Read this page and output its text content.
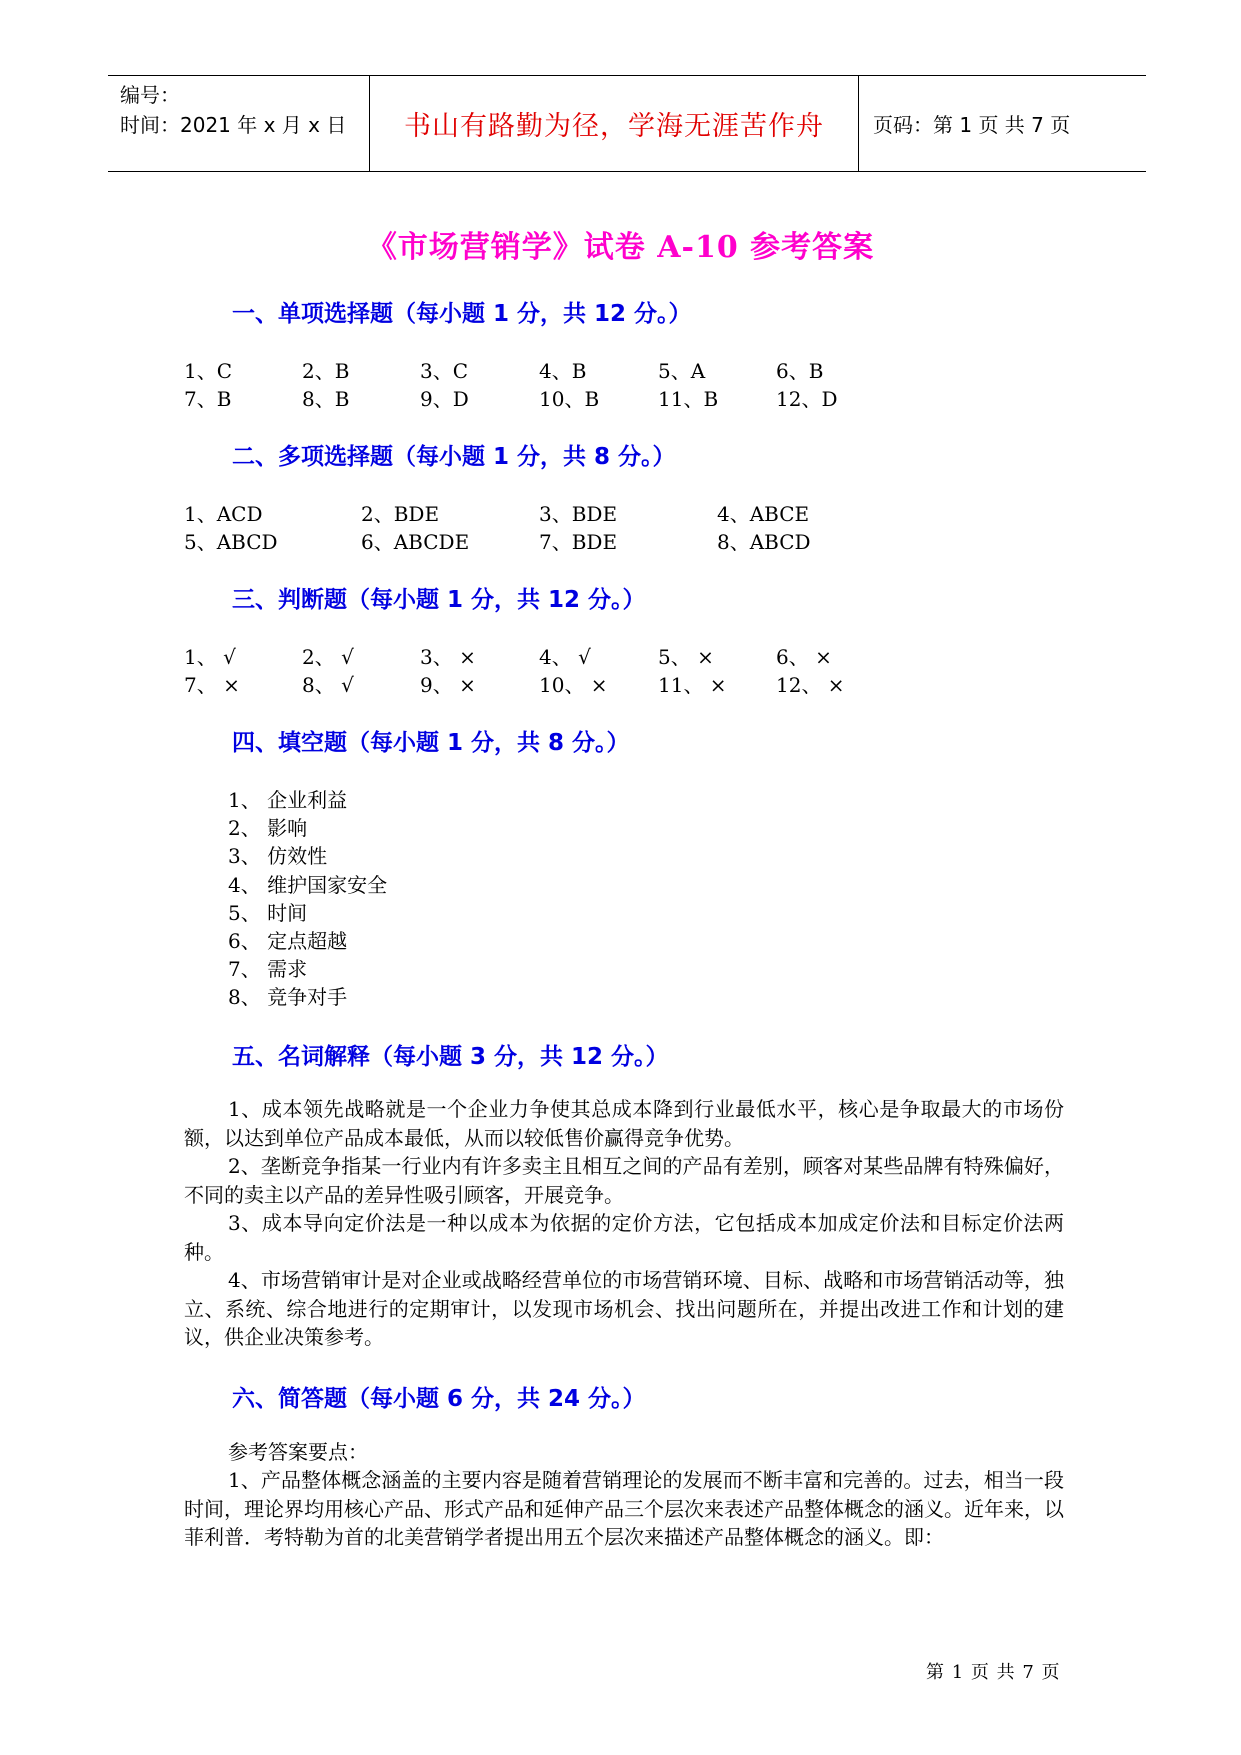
编号：
时间：2021 年 x 月 x 日	书山有路勤为径，学海无涯苦作舟 页码：第 1 页 共 7 页
《市场营销学》试卷 A-10 参考答案
一、单项选择题（每小题 1 分，共 12 分。）
1、C	2、B	3、C	4、B	5、A	6、B
7、B	8、B	9、D	10、B	11、B	12、D
二、多项选择题（每小题 1 分，共 8 分。）
1、ACD	2、BDE	3、BDE	4、ABCE
5、ABCD	6、ABCDE	7、BDE	8、ABCD
三、判断题（每小题 1 分，共 12 分。）
1、 √	2、 √	3、 ×	4、 √	5、 ×	6、 ×
7、 ×	8、 √	9、 ×	10、 ×	11、 × 12、 ×
四、填空题（每小题 1 分，共 8 分。）
1、 企业利益
2、 影响
3、 仿效性
4、 维护国家安全
5、 时间
6、 定点超越
7、 需求
8、 竞争对手
五、名词解释（每小题 3 分，共 12 分。）

1、成本领先战略就是一个企业力争使其总成本降到行业最低水平，核心是争取最大的市场份额，以达到单位产品成本最低，从而以较低售价赢得竞争优势。

2、垄断竞争指某一行业内有许多卖主且相互之间的产品有差别，顾客对某些品牌有特殊偏好，不同的卖主以产品的差异性吸引顾客，开展竞争。

3、成本导向定价法是一种以成本为依据的定价方法，它包括成本加成定价法和目标定价法两种。

4、市场营销审计是对企业或战略经营单位的市场营销环境、目标、战略和市场营销活动等，独立、系统、综合地进行的定期审计，以发现市场机会、找出问题所在，并提出改进工作和计划的建议，供企业决策参考。

六、简答题（每小题 6 分，共 24 分。）

参考答案要点：

1、产品整体概念涵盖的主要内容是随着营销理论的发展而不断丰富和完善的。过去，相当一段时间，理论界均用核心产品、形式产品和延伸产品三个层次来表述产品整体概念的涵义。近年来，以菲利普．考特勒为首的北美营销学者提出用五个层次来描述产品整体概念的涵义。即：

第 1 页 共 7 页
